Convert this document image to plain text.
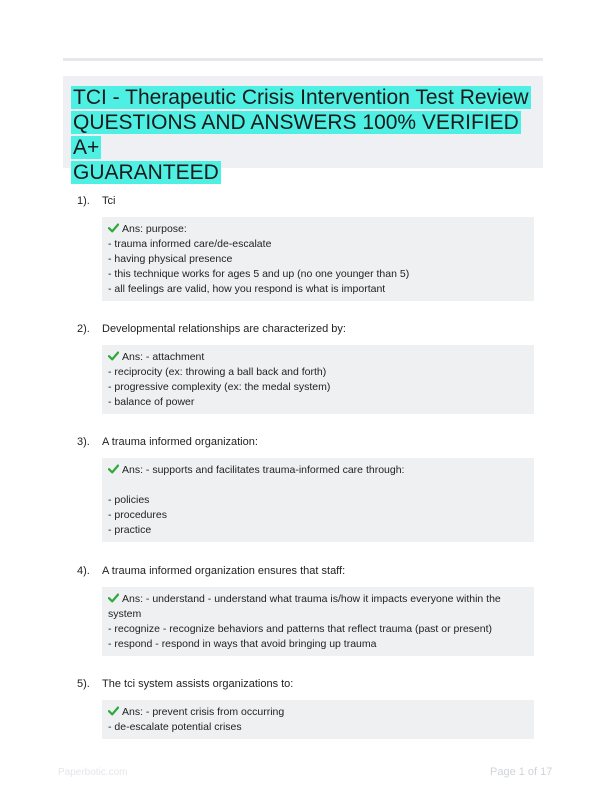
TCI - Therapeutic Crisis Intervention Test Review
QUESTIONS AND ANSWERS 100% VERIFIED A+
GUARANTEED
1). Tci
Ans: purpose:
- trauma informed care/de-escalate
- having physical presence
- this technique works for ages 5 and up (no one younger than 5)
- all feelings are valid, how you respond is what is important
2). Developmental relationships are characterized by:
Ans: - attachment
- reciprocity (ex: throwing a ball back and forth)
- progressive complexity (ex: the medal system)
- balance of power
3). A trauma informed organization:
Ans: - supports and facilitates trauma-informed care through:
- policies
- procedures
- practice
4). A trauma informed organization ensures that staff:
Ans: - understand - understand what trauma is/how it impacts everyone within the
system
- recognize - recognize behaviors and patterns that reflect trauma (past or present)
- respond - respond in ways that avoid bringing up trauma
5). The tci system assists organizations to:
Ans: - prevent crisis from occurring
- de-escalate potential crises
Paperbotic.com	Page 1 of 17
